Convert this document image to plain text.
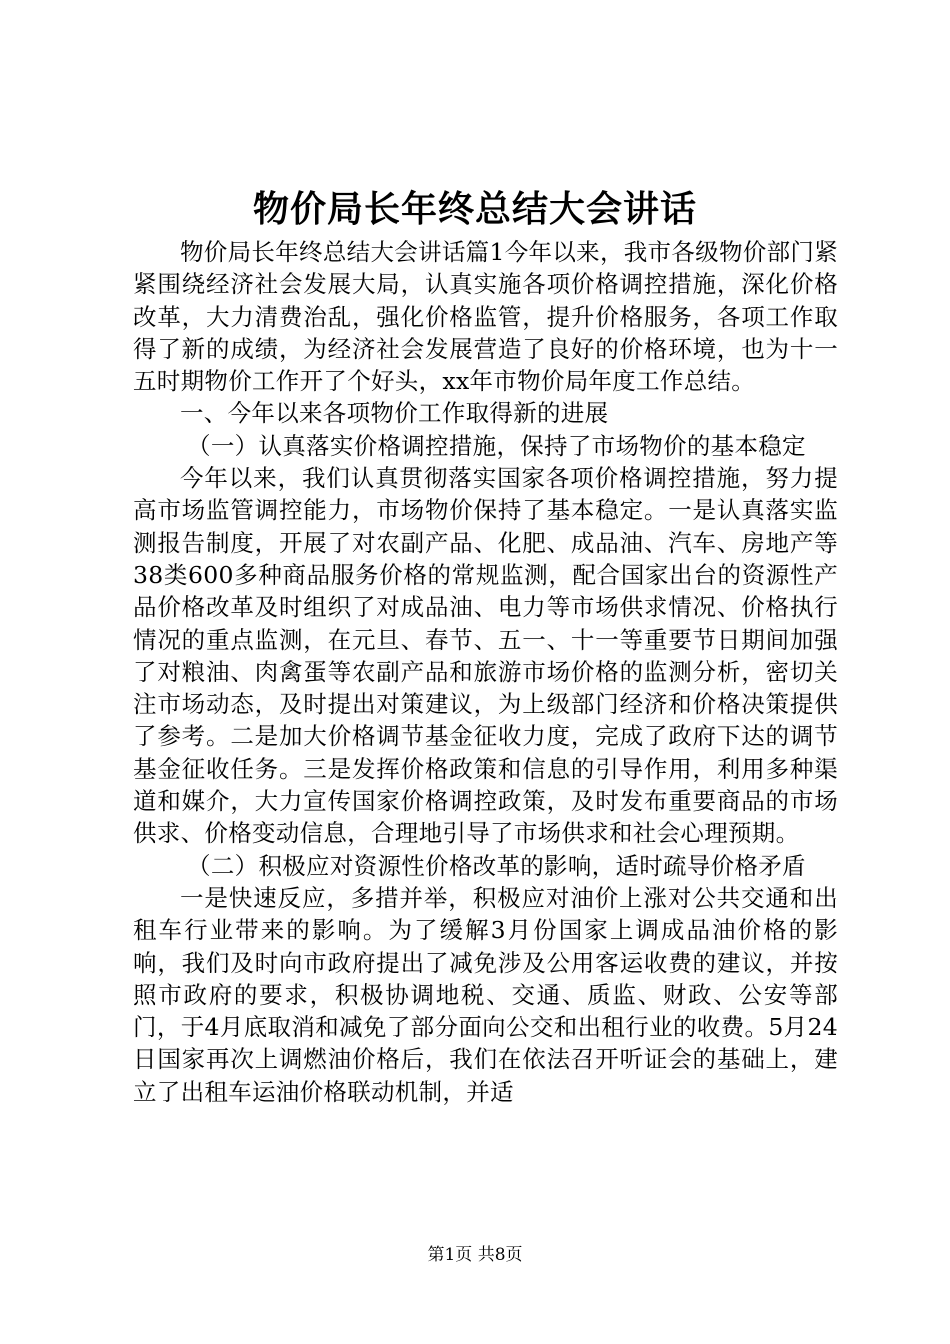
物价局长年终总结大会讲话

物价局长年终总结大会讲话篇1今年以来，我市各级物价部门紧紧围绕经济社会发展大局，认真实施各项价格调控措施，深化价格改革，大力清费治乱，强化价格监管，提升价格服务，各项工作取得了新的成绩，为经济社会发展营造了良好的价格环境，也为十一五时期物价工作开了个好头，xx年市物价局年度工作总结。

一、今年以来各项物价工作取得新的进展

（一）认真落实价格调控措施，保持了市场物价的基本稳定

今年以来，我们认真贯彻落实国家各项价格调控措施，努力提高市场监管调控能力，市场物价保持了基本稳定。一是认真落实监测报告制度，开展了对农副产品、化肥、成品油、汽车、房地产等38类600多种商品服务价格的常规监测，配合国家出台的资源性产品价格改革及时组织了对成品油、电力等市场供求情况、价格执行情况的重点监测，在元旦、春节、五一、十一等重要节日期间加强了对粮油、肉禽蛋等农副产品和旅游市场价格的监测分析，密切关注市场动态，及时提出对策建议，为上级部门经济和价格决策提供了参考。二是加大价格调节基金征收力度，完成了政府下达的调节基金征收任务。三是发挥价格政策和信息的引导作用，利用多种渠道和媒介，大力宣传国家价格调控政策，及时发布重要商品的市场供求、价格变动信息，合理地引导了市场供求和社会心理预期。

（二）积极应对资源性价格改革的影响，适时疏导价格矛盾

一是快速反应，多措并举，积极应对油价上涨对公共交通和出租车行业带来的影响。为了缓解3月份国家上调成品油价格的影响，我们及时向市政府提出了减免涉及公用客运收费的建议，并按照市政府的要求，积极协调地税、交通、质监、财政、公安等部门，于4月底取消和减免了部分面向公交和出租行业的收费。5月24日国家再次上调燃油价格后，我们在依法召开听证会的基础上，建立了出租车运油价格联动机制，并适

第1页 共8页
